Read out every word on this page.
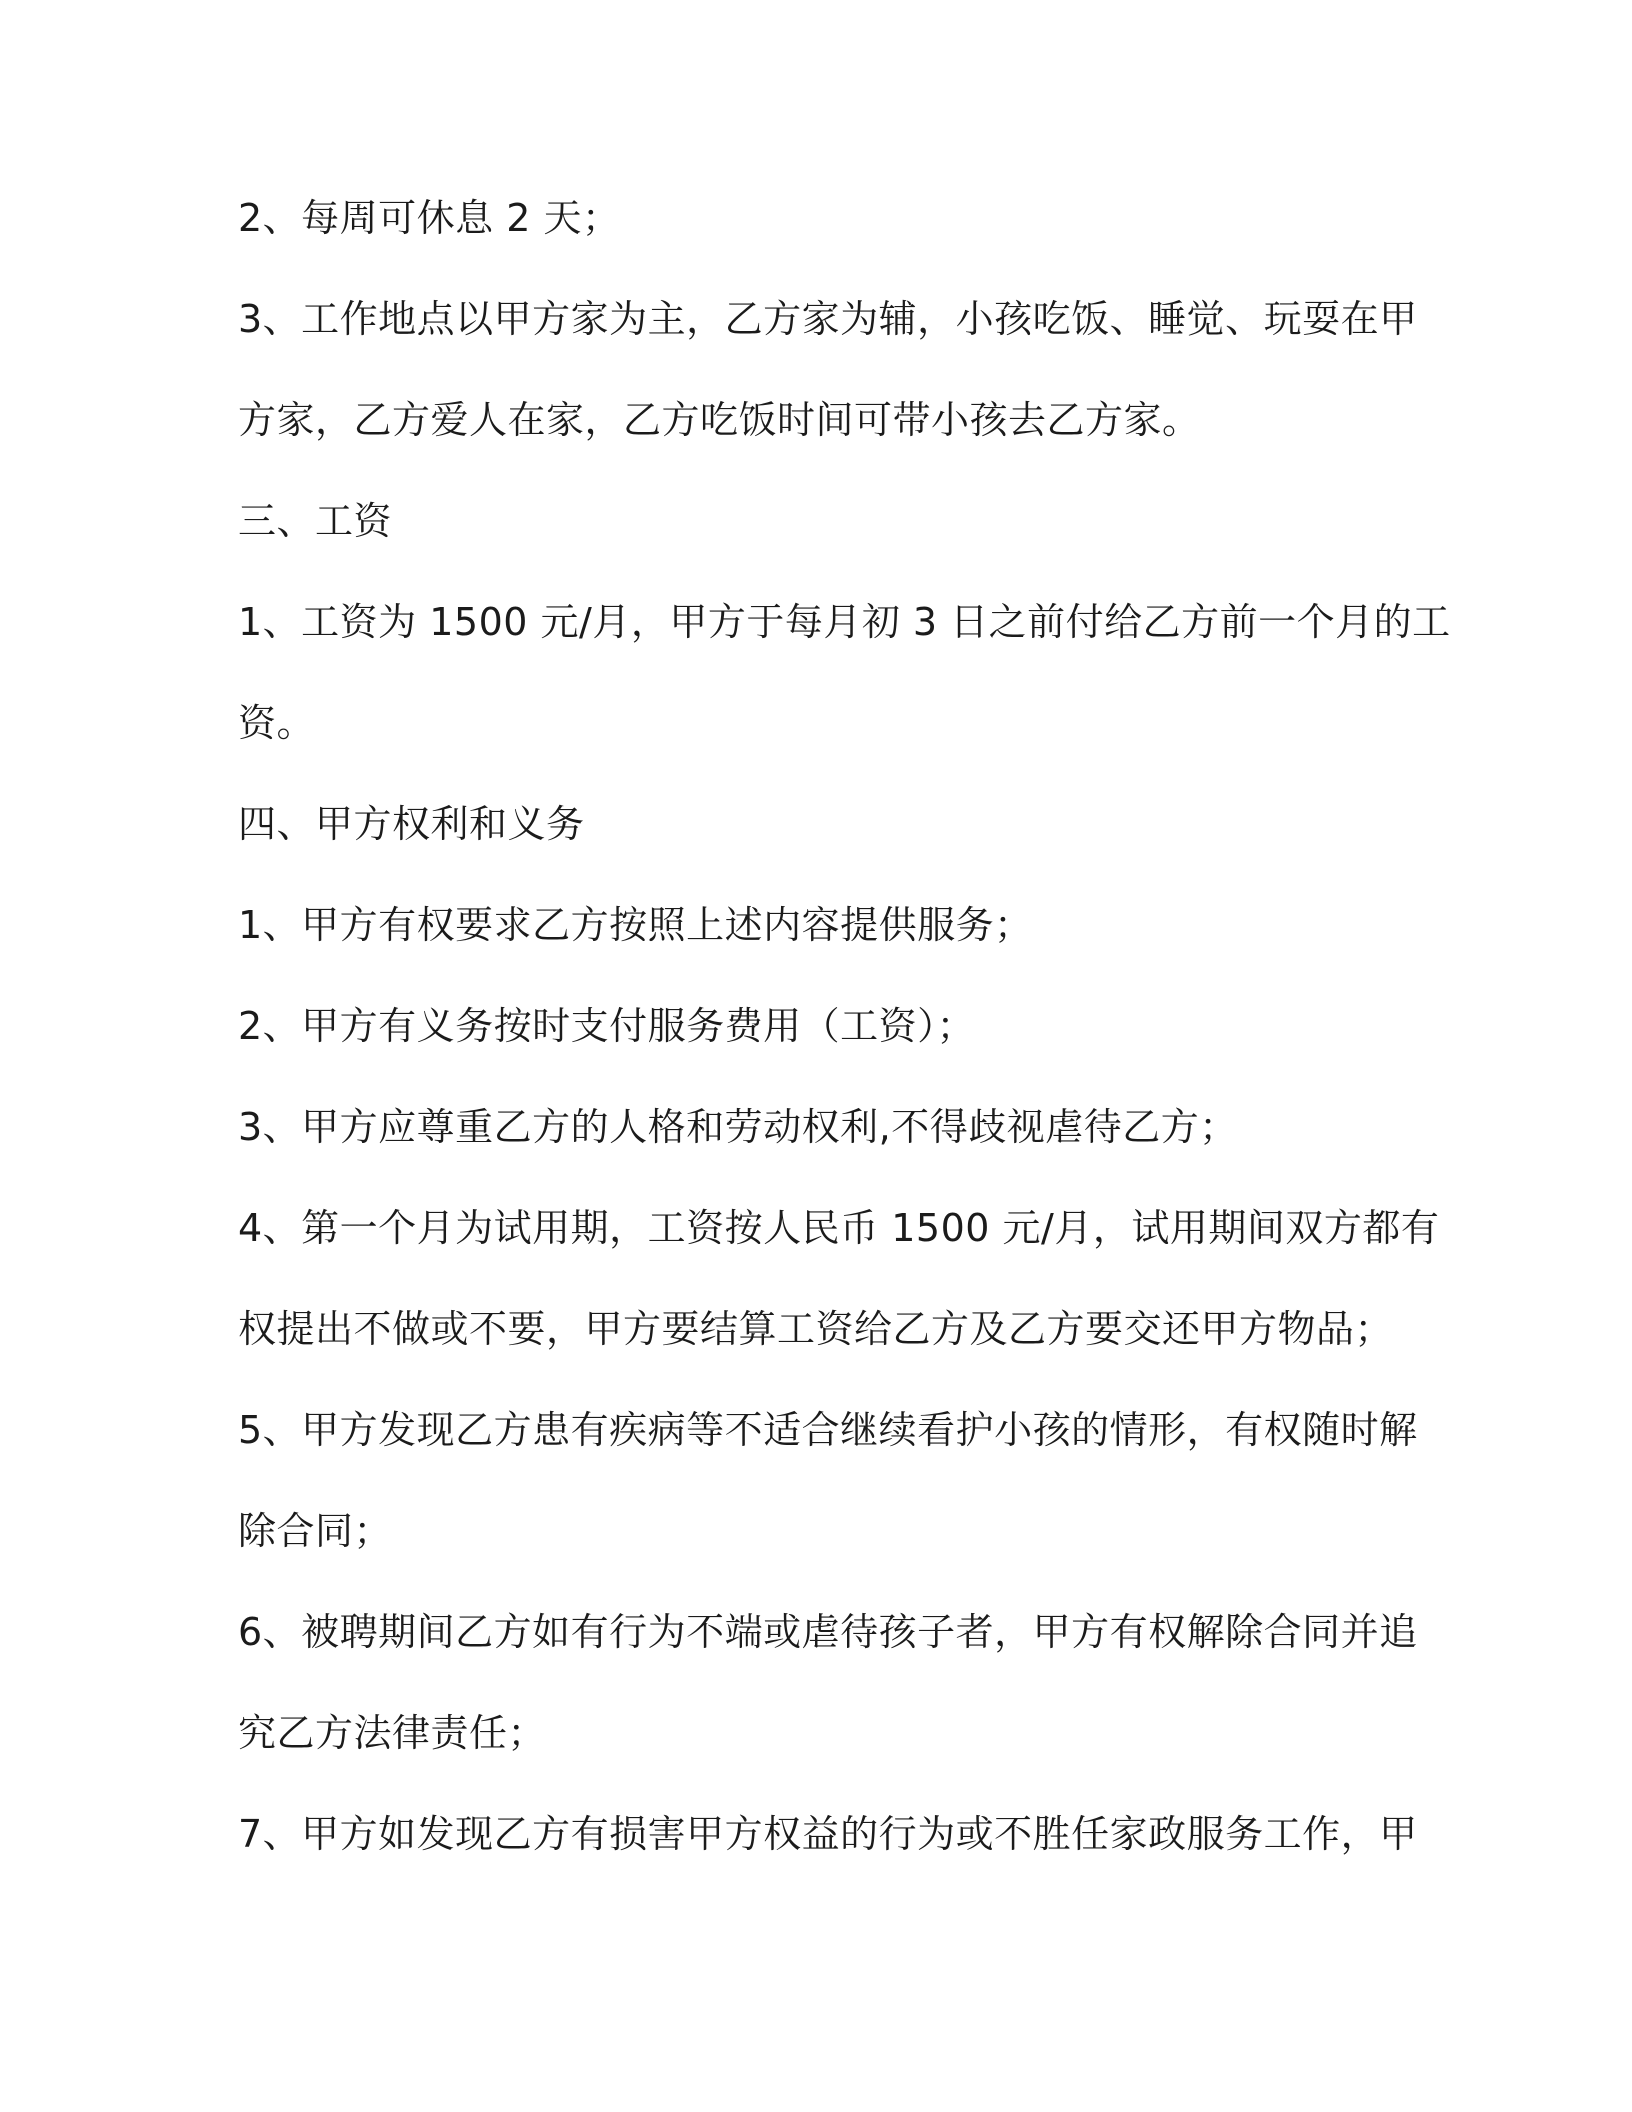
2、每周可休息 2 天；
3、工作地点以甲方家为主，乙方家为辅，小孩吃饭、睡觉、玩耍在甲
方家，乙方爱人在家，乙方吃饭时间可带小孩去乙方家。
三、工资
1、工资为 1500 元/月，甲方于每月初 3 日之前付给乙方前一个月的工
资。
四、甲方权利和义务
1、甲方有权要求乙方按照上述内容提供服务；
2、甲方有义务按时支付服务费用（工资）；
3、甲方应尊重乙方的人格和劳动权利,不得歧视虐待乙方；
4、第一个月为试用期，工资按人民币 1500 元/月，试用期间双方都有
权提出不做或不要，甲方要结算工资给乙方及乙方要交还甲方物品；
5、甲方发现乙方患有疾病等不适合继续看护小孩的情形，有权随时解
除合同；
6、被聘期间乙方如有行为不端或虐待孩子者，甲方有权解除合同并追
究乙方法律责任；
7、甲方如发现乙方有损害甲方权益的行为或不胜任家政服务工作，甲
